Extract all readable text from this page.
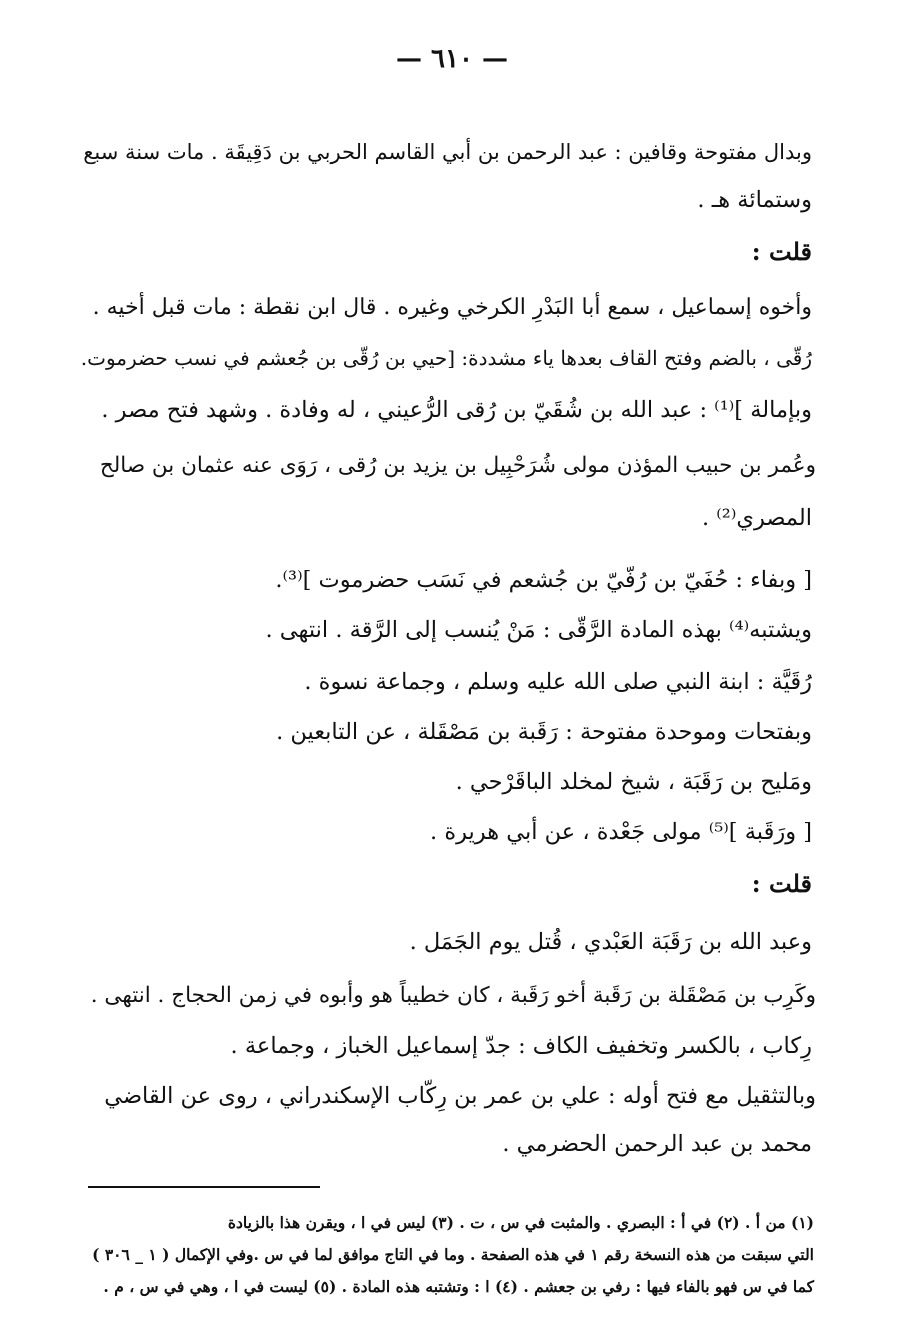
— ٦١٠ —
وبدال مفتوحة وقافين : عبد الرحمن بن أبي القاسم الحربي بن دَقِيقَة . مات سنة سبع
وستمائة هـ .
قلت :
وأخوه إسماعيل ، سمع أبا البَدْرِ الكرخي وغيره . قال ابن نقطة : مات قبل أخيه .
رُقّى ، بالضم وفتح القاف بعدها ياء مشددة: [حيي بن رُقّى بن جُعشم في نسب حضرموت.
وبإمالة ]⁽¹⁾ : عبد الله بن شُقَيّ بن رُقى الرُّعيني ، له وفادة . وشهد فتح مصر .
وعُمر بن حبيب المؤذن مولى شُرَحْبِيل بن يزيد بن رُقى ، رَوَى عنه عثمان بن صالح
المصري⁽²⁾ .
[ وبفاء : حُفَيّ بن رُفّيّ بن جُشعم في نَسَب حضرموت ]⁽³⁾.
ويشتبه⁽⁴⁾ بهذه المادة الرَّقّى : مَنْ يُنسب إلى الرَّقة . انتهى .
رُقَيَّة : ابنة النبي صلى الله عليه وسلم ، وجماعة نسوة .
وبفتحات وموحدة مفتوحة : رَقَبة بن مَصْقَلة ، عن التابعين .
ومَليح بن رَقَبَة ، شيخ لمخلد الباقَرْحي .
[ ورَقَبة ]⁽⁵⁾ مولى جَعْدة ، عن أبي هريرة .
قلت :
وعبد الله بن رَقَبَة العَبْدي ، قُتل يوم الجَمَل .
وكَرِب بن مَصْقَلة بن رَقَبة أخو رَقَبة ، كان خطيباً هو وأبوه في زمن الحجاج . انتهى .
رِكاب ، بالكسر وتخفيف الكاف : جدّ إسماعيل الخباز ، وجماعة .
وبالتثقيل مع فتح أوله : علي بن عمر بن رِكّاب الإسكندراني ، روى عن القاضي
محمد بن عبد الرحمن الحضرمي .
(١) من أ . (٢) في أ : البصري . والمثبت في س ، ت . (٣) ليس في ا ، ويقرن هذا بالزيادة
التي سبقت من هذه النسخة رقم ١ في هذه الصفحة . وما في التاج موافق لما في س .وفي الإكمال ( ١ _ ٣٠٦ )
كما في س فهو بالفاء فيها : رفي بن جعشم . (٤) ا : وتشتبه هذه المادة . (٥) ليست في ا ، وهي في س ، م .
